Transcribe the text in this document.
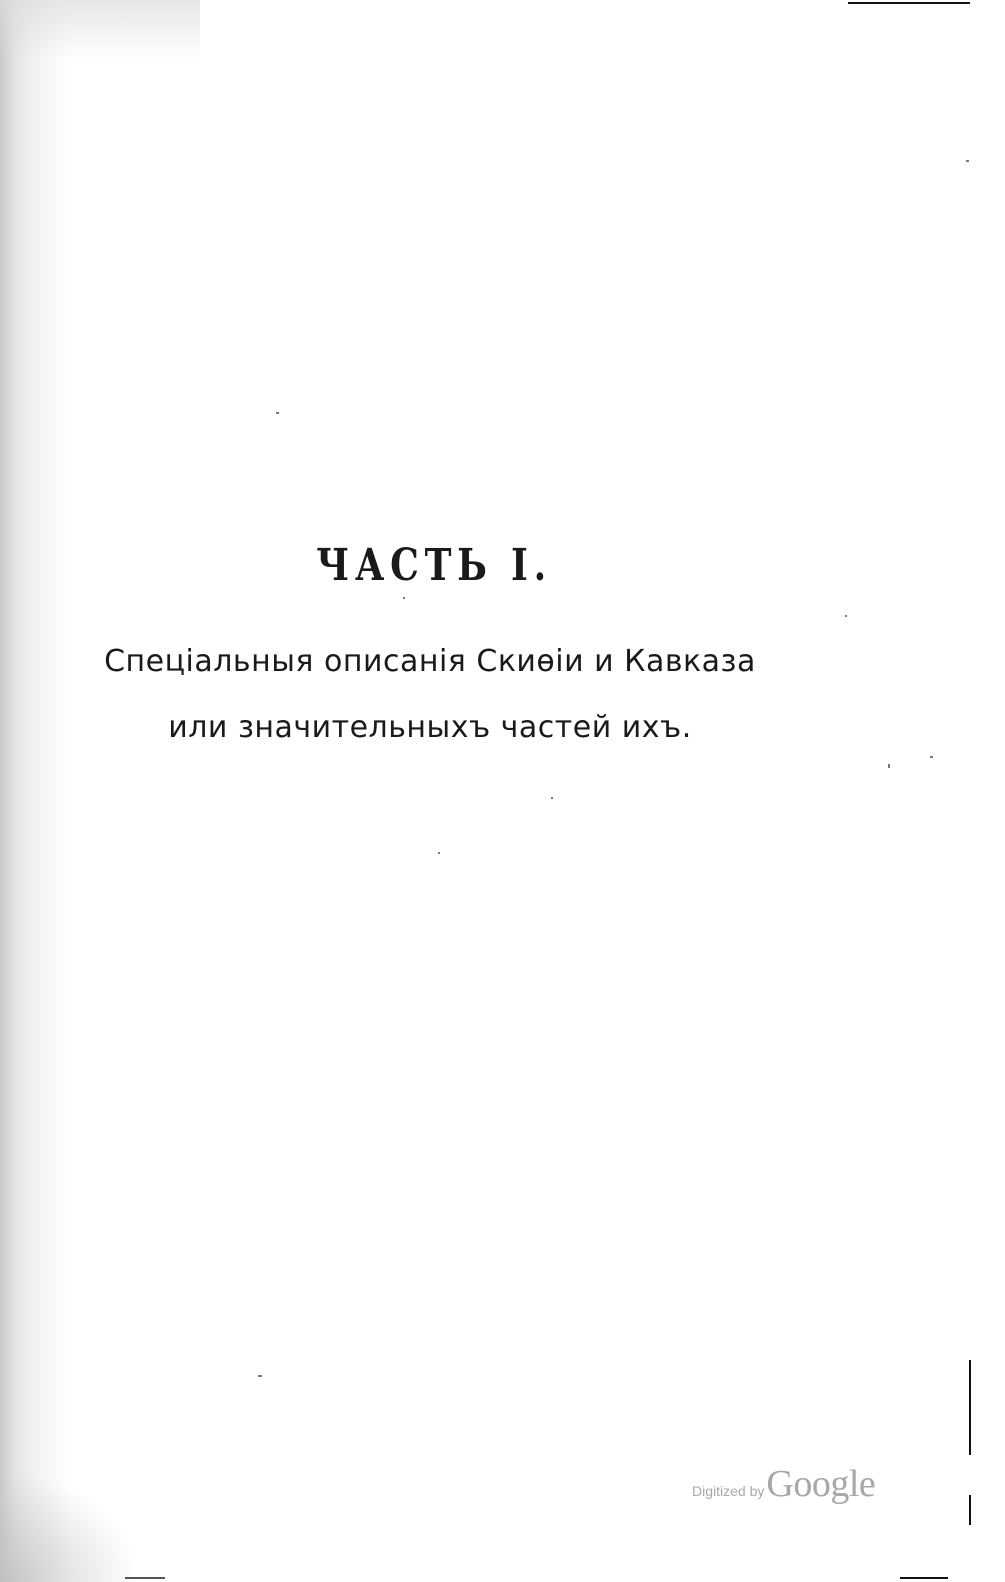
ЧАСТЬ I.
Спеціальныя описанія Скиѳіи и Кавказа
или значительныхъ частей ихъ.
Digitized byGoogle
